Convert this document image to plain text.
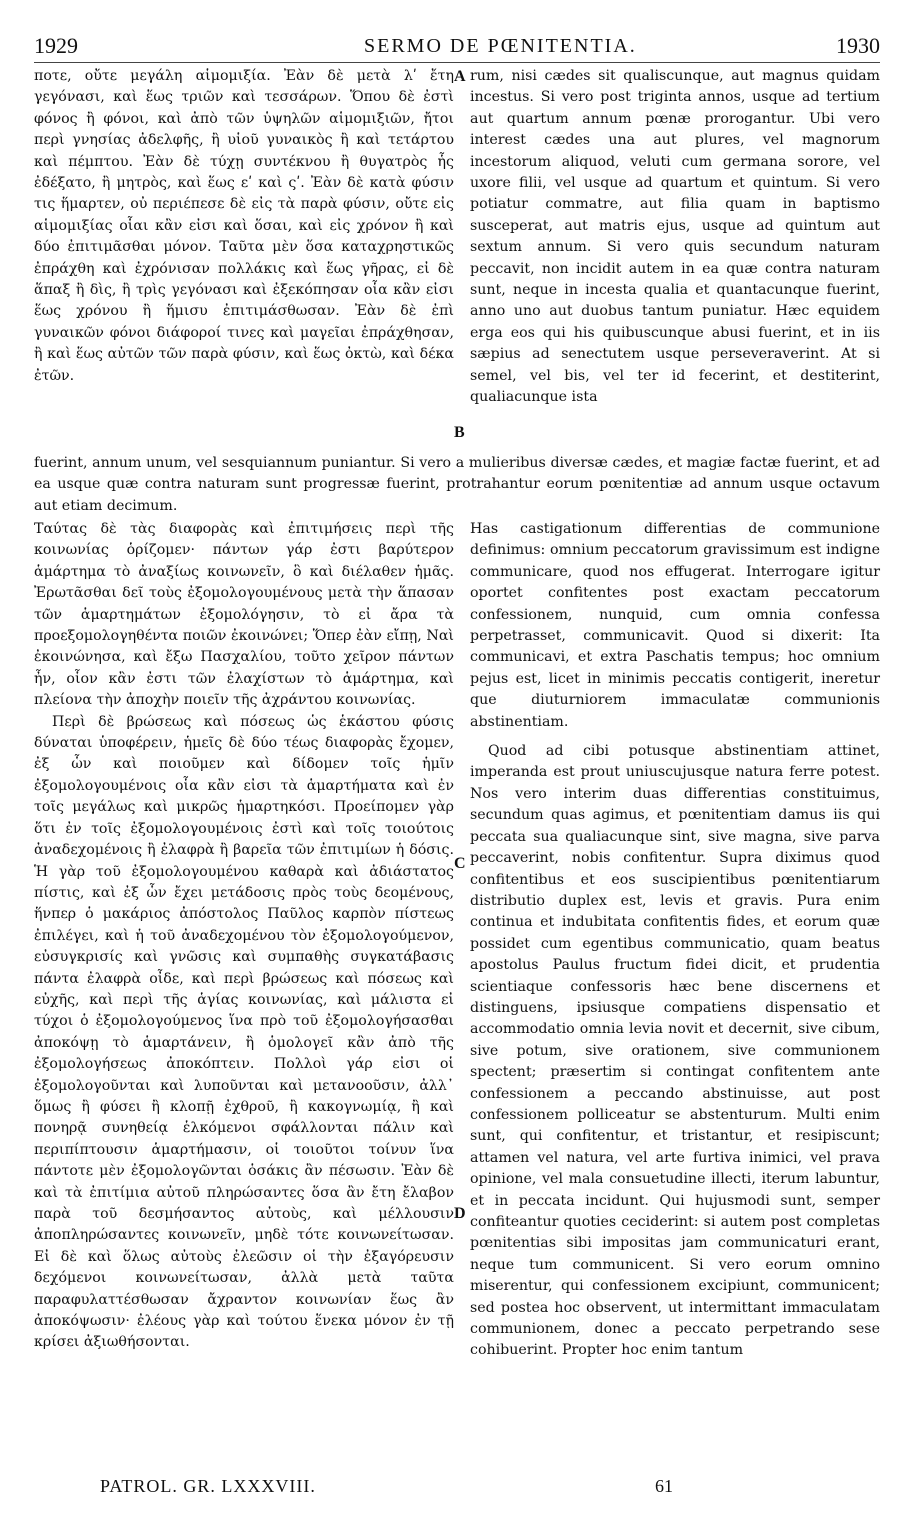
1929	SERMO DE PŒNITENTIA.	1930

ποτε, οὔτε μεγάλη αἱμομιξία. Ἐὰν δὲ μετὰ λʹ ἔτη γεγόνασι, καὶ ἕως τριῶν καὶ τεσσάρων. Ὅπου δὲ ἐστὶ φόνος ἢ φόνοι, καὶ ἀπὸ τῶν ὑψηλῶν αἱμομιξιῶν, ἤτοι περὶ γνησίας ἀδελφῆς, ἢ υἱοῦ γυναικὸς ἢ καὶ τετάρτου καὶ πέμπτου. Ἐὰν δὲ τύχῃ συντέκνου ἢ θυγατρὸς ἧς ἐδέξατο, ἢ μητρὸς, καὶ ἕως εʹ καὶ ςʹ. Ἐὰν δὲ κατὰ φύσιν τις ἥμαρτεν, οὐ περιέπεσε δὲ εἰς τὰ παρὰ φύσιν, οὔτε εἰς αἱμομιξίας οἷαι κἂν εἰσι καὶ ὅσαι, καὶ εἰς χρόνον ἢ καὶ δύο ἐπιτιμᾶσθαι μόνον. Ταῦτα μὲν ὅσα καταχρηστικῶς ἐπράχθη καὶ ἐχρόνισαν πολλάκις καὶ ἕως γῆρας, εἰ δὲ ἅπαξ ἢ δὶς, ἢ τρὶς γεγόνασι καὶ ἐξεκόπησαν οἷα κἂν εἰσι ἕως χρόνου ἢ ἥμισυ ἐπιτιμάσθωσαν. Ἐὰν δὲ ἐπὶ γυναικῶν φόνοι διάφοροί τινες καὶ μαγεῖαι ἐπράχθησαν, ἢ καὶ ἕως αὐτῶν τῶν παρὰ φύσιν, καὶ ἕως ὀκτὼ, καὶ δέκα ἐτῶν.

rum, nisi cædes sit qualiscunque, aut magnus quidam incestus. Si vero post triginta annos, usque ad tertium aut quartum annum pœnæ prorogantur. Ubi vero interest cædes una aut plures, vel magnorum incestorum aliquod, veluti cum germana sorore, vel uxore filii, vel usque ad quartum et quintum. Si vero potiatur commatre, aut filia quam in baptismo susceperat, aut matris ejus, usque ad quintum aut sextum annum. Si vero quis secundum naturam peccavit, non incidit autem in ea quæ contra naturam sunt, neque in incesta qualia et quantacunque fuerint, anno uno aut duobus tantum puniatur. Hæc equidem erga eos qui his quibuscunque abusi fuerint, et in iis sæpius ad senectutem usque perseveraverint. At si semel, vel bis, vel ter id fecerint, et destiterint, qualiacunque ista

fuerint, annum unum, vel sesquiannum puniantur. Si vero a mulieribus diversæ cædes, et magiæ factæ fuerint, et ad ea usque quæ contra naturam sunt progressæ fuerint, protrahantur eorum pœnitentiæ ad annum usque octavum aut etiam decimum.

Ταύτας δὲ τὰς διαφορὰς καὶ ἐπιτιμήσεις περὶ τῆς κοινωνίας ὁρίζομεν· πάντων γάρ ἐστι βαρύτερον ἁμάρτημα τὸ ἀναξίως κοινωνεῖν, ὃ καὶ διέλαθεν ἡμᾶς. Ἐρωτᾶσθαι δεῖ τοὺς ἐξομολογουμένους μετὰ τὴν ἅπασαν τῶν ἁμαρτημάτων ἐξομολόγησιν, τὸ εἰ ἄρα τὰ προεξομολογηθέντα ποιῶν ἐκοινώνει; Ὅπερ ἐὰν εἴπῃ, Ναὶ ἐκοινώνησα, καὶ ἔξω Πασχαλίου, τοῦτο χεῖρον πάντων ἦν, οἷον κἂν ἐστι τῶν ἐλαχίστων τὸ ἁμάρτημα, καὶ πλείονα τὴν ἀποχὴν ποιεῖν τῆς ἀχράντου κοινωνίας.

Περὶ δὲ βρώσεως καὶ πόσεως ὡς ἑκάστου φύσις δύναται ὑποφέρειν, ἡμεῖς δὲ δύο τέως διαφορὰς ἔχομεν, ἐξ ὧν καὶ ποιοῦμεν καὶ δίδομεν τοῖς ἡμῖν ἐξομολογουμένοις οἷα κἂν εἰσι τὰ ἁμαρτήματα καὶ ἐν τοῖς μεγάλως καὶ μικρῶς ἡμαρτηκόσι. Προείπομεν γὰρ ὅτι ἐν τοῖς ἐξομολογουμένοις ἐστὶ καὶ τοῖς τοιούτοις ἀναδεχομένοις ἢ ἐλαφρὰ ἢ βαρεῖα τῶν ἐπιτιμίων ἡ δόσις. Ἡ γὰρ τοῦ ἐξομολογουμένου καθαρὰ καὶ ἀδιάστατος πίστις, καὶ ἐξ ὧν ἔχει μετάδοσις πρὸς τοὺς δεομένους, ἥνπερ ὁ μακάριος ἀπόστολος Παῦλος καρπὸν πίστεως ἐπιλέγει, καὶ ἡ τοῦ ἀναδεχομένου τὸν ἐξομολογούμενον, εὐσυγκρισίς καὶ γνῶσις καὶ συμπαθὴς συγκατάβασις πάντα ἐλαφρὰ οἶδε, καὶ περὶ βρώσεως καὶ πόσεως καὶ εὐχῆς, καὶ περὶ τῆς ἁγίας κοινωνίας, καὶ μάλιστα εἰ τύχοι ὁ ἐξομολογούμενος ἵνα πρὸ τοῦ ἐξομολογήσασθαι ἀποκόψῃ τὸ ἁμαρτάνειν, ἢ ὁμολογεῖ κἂν ἀπὸ τῆς ἐξομολογήσεως ἀποκόπτειν. Πολλοὶ γάρ εἰσι οἱ ἐξομολογοῦνται καὶ λυποῦνται καὶ μετανοοῦσιν, ἀλλ᾽ ὅμως ἢ φύσει ἢ κλοπῇ ἐχθροῦ, ἢ κακογνωμίᾳ, ἢ καὶ πονηρᾷ συνηθείᾳ ἑλκόμενοι σφάλλονται πάλιν καὶ περιπίπτουσιν ἁμαρτήμασιν, οἱ τοιοῦτοι τοίνυν ἵνα πάντοτε μὲν ἐξομολογῶνται ὁσάκις ἂν πέσωσιν. Ἐὰν δὲ καὶ τὰ ἐπιτίμια αὐτοῦ πληρώσαντες ὅσα ἂν ἔτη ἔλαβον παρὰ τοῦ δεσμήσαντος αὐτοὺς, καὶ μέλλουσιν ἀποπληρώσαντες κοινωνεῖν, μηδὲ τότε κοινωνείτωσαν. Εἰ δὲ καὶ ὅλως αὐτοὺς ἐλεῶσιν οἱ τὴν ἐξαγόρευσιν δεχόμενοι κοινωνείτωσαν, ἀλλὰ μετὰ ταῦτα παραφυλαττέσθωσαν ἄχραντον κοινωνίαν ἕως ἂν ἀποκόψωσιν· ἐλέους γὰρ καὶ τούτου ἕνεκα μόνον ἐν τῇ κρίσει ἀξιωθήσονται.

Has castigationum differentias de communione definimus: omnium peccatorum gravissimum est indigne communicare, quod nos effugerat. Interrogare igitur oportet confitentes post exactam peccatorum confessionem, nunquid, cum omnia confessa perpetrasset, communicavit. Quod si dixerit: Ita communicavi, et extra Paschatis tempus; hoc omnium pejus est, licet in minimis peccatis contigerit, ineretur que diuturniorem immaculatæ communionis abstinentiam.

Quod ad cibi potusque abstinentiam attinet, imperanda est prout uniuscujusque natura ferre potest. Nos vero interim duas differentias constituimus, secundum quas agimus, et pœnitentiam damus iis qui peccata sua qualiacunque sint, sive magna, sive parva peccaverint, nobis confitentur. Supra diximus quod confitentibus et eos suscipientibus pœnitentiarum distributio duplex est, levis et gravis. Pura enim continua et indubitata confitentis fides, et eorum quæ possidet cum egentibus communicatio, quam beatus apostolus Paulus fructum fidei dicit, et prudentia scientiaque confessoris hæc bene discernens et distinguens, ipsiusque compatiens dispensatio et accommodatio omnia levia novit et decernit, sive cibum, sive potum, sive orationem, sive communionem spectent; præsertim si contingat confitentem ante confessionem a peccando abstinuisse, aut post confessionem polliceatur se abstenturum. Multi enim sunt, qui confitentur, et tristantur, et resipiscunt; attamen vel natura, vel arte furtiva inimici, vel prava opinione, vel mala consuetudine illecti, iterum labuntur, et in peccata incidunt. Qui hujusmodi sunt, semper confiteantur quoties ceciderint: si autem post completas pœnitentias sibi impositas jam communicaturi erant, neque tum communicent. Si vero eorum omnino miserentur, qui confessionem excipiunt, communicent; sed postea hoc observent, ut intermittant immaculatam communionem, donec a peccato perpetrando sese cohibuerint. Propter hoc enim tantum

A
B
C
D
PATROL. GR. LXXXVIII.	61
